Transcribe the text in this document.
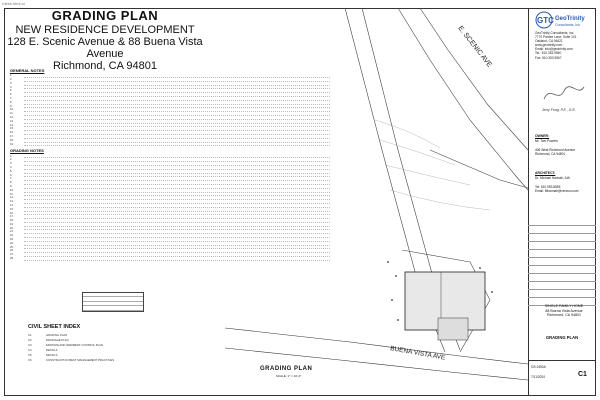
rdesk.html.ai
GRADING PLAN
NEW RESIDENCE DEVELOPMENT
128 E. Scenic Avenue & 88 Buena Vista Avenue
Richmond, CA 94801
GENERAL NOTES
1.
2.
3.
4.
5.
6.
7.
8.
9.
10.
11.
12.
13.
14.
15.
16.
17.
18.
19.
GRADING NOTES
1.
2.
3.
4.
5.
6.
7.
8.
9.
10.
11.
12.
13.
14.
15.
16.
17.
18.
19.
20.
21.
22.
23.
24.
25.
26.
27.
28.
CIVIL SHEET INDEX
C1	GRADING PLAN
C2	DRAINAGE PLAN
C3	EROSION AND SEDIMENT CONTROL PLAN
C4	DETAILS
C5	DETAILS
C6	CONSTRUCTION BEST MANAGEMENT PRACTICES
E. SCENIC AVE
BUENA VISTA AVE
GRADING PLAN
SCALE: 1" = 10'-0"
GTC GeoTrinity
Consultants, Inc.
GeoTrinity Consultants, Inc.
7770 Pardee Lane, Suite 101
Oakland, CA 94621
www.geotrinity.com
Email: info@geotrinity.com
Tel.: 510.353.9560
Fax: 510.353.9567
Jerry Fong, P.E., G.E.
OWNER:
Mr. Tom Powers

406 West Richmond Avenue
Richmond, CA 94801
ARCHITECT:
Dr. Michael Hannah, AIA

Tel: 510.993.8555
Email: Mhannah@verizon.com
SINGLE FAMILY HOME
88 Buena Vista Avenue
Richmond, CA 94801
GRADING PLAN
GS 2490A
7/11/2024	C1
